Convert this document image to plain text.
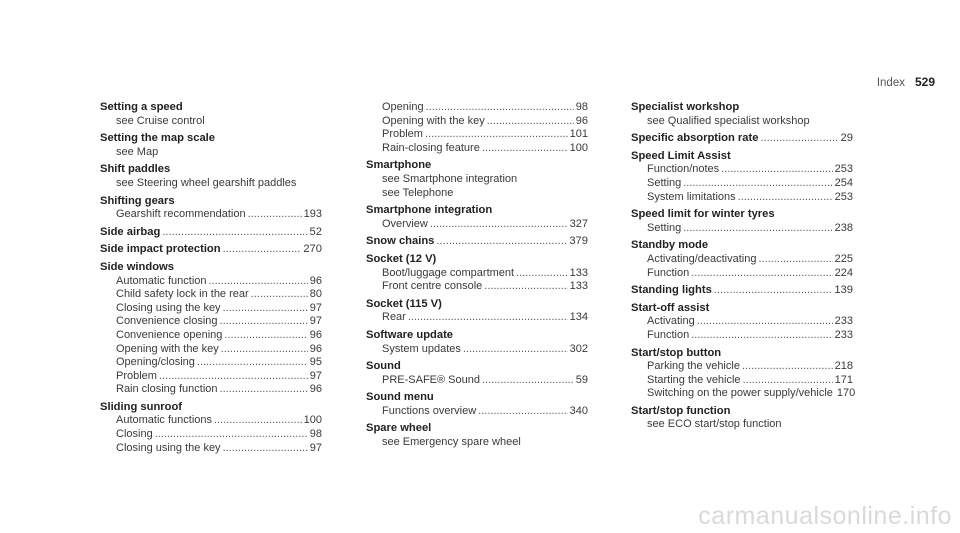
Index 529
Setting a speed
see Cruise control
Setting the map scale
see Map
Shift paddles
see Steering wheel gearshift paddles
Shifting gears
Gearshift recommendation .....	193
Side airbag .....	52
Side impact protection .....	270
Side windows
Automatic function .....	96
Child safety lock in the rear .....	80
Closing using the key .....	97
Convenience closing .....	97
Convenience opening .....	96
Opening with the key .....	96
Opening/closing .....	95
Problem .....	97
Rain closing function .....	96
Sliding sunroof
Automatic functions .....	100
Closing .....	98
Closing using the key .....	97
Opening .....	98
Opening with the key .....	96
Problem .....	101
Rain-closing feature .....	100
Smartphone
see Smartphone integration
see Telephone
Smartphone integration
Overview .....	327
Snow chains .....	379
Socket (12 V)
Boot/luggage compartment .....	133
Front centre console .....	133
Socket (115 V)
Rear .....	134
Software update
System updates .....	302
Sound
PRE-SAFE® Sound .....	59
Sound menu
Functions overview .....	340
Spare wheel
see Emergency spare wheel
Specialist workshop
see Qualified specialist workshop
Specific absorption rate .....	29
Speed Limit Assist
Function/notes .....	253
Setting .....	254
System limitations .....	253
Speed limit for winter tyres
Setting .....	238
Standby mode
Activating/deactivating .....	225
Function .....	224
Standing lights .....	139
Start-off assist
Activating .....	233
Function .....	233
Start/stop button
Parking the vehicle .....	218
Starting the vehicle .....	171
Switching on the power supply/vehicle 170
Start/stop function
see ECO start/stop function
carmanualsonline.info
